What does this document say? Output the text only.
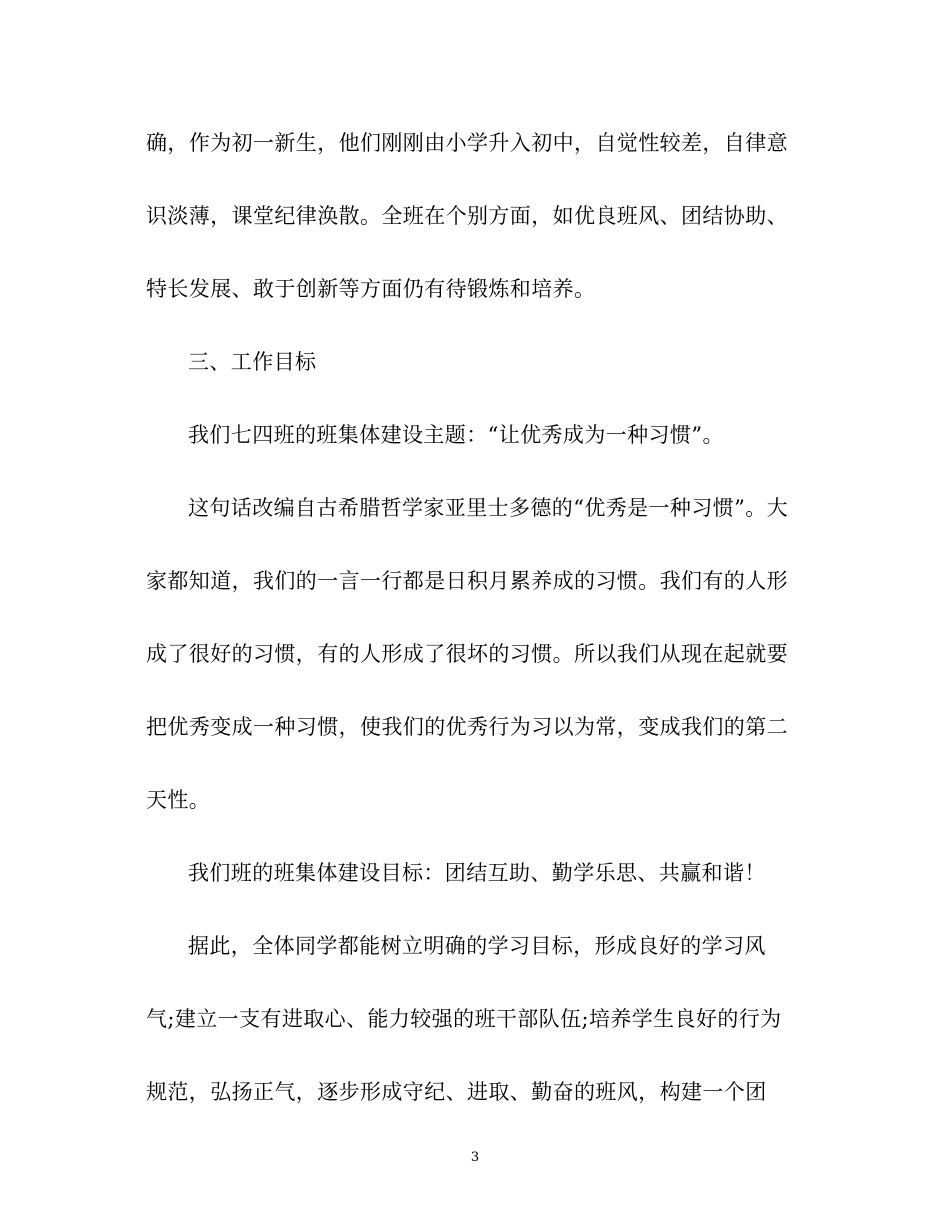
确，作为初一新生，他们刚刚由小学升入初中，自觉性较差，自律意
识淡薄，课堂纪律涣散。全班在个别方面，如优良班风、团结协助、
特长发展、敢于创新等方面仍有待锻炼和培养。
三、工作目标
我们七四班的班集体建设主题：“让优秀成为一种习惯”。
这句话改编自古希腊哲学家亚里士多德的“优秀是一种习惯”。大
家都知道，我们的一言一行都是日积月累养成的习惯。我们有的人形
成了很好的习惯，有的人形成了很坏的习惯。所以我们从现在起就要
把优秀变成一种习惯，使我们的优秀行为习以为常，变成我们的第二
天性。
我们班的班集体建设目标：团结互助、勤学乐思、共赢和谐！
据此，全体同学都能树立明确的学习目标，形成良好的学习风
气;建立一支有进取心、能力较强的班干部队伍;培养学生良好的行为
规范，弘扬正气，逐步形成守纪、进取、勤奋的班风，构建一个团
3
